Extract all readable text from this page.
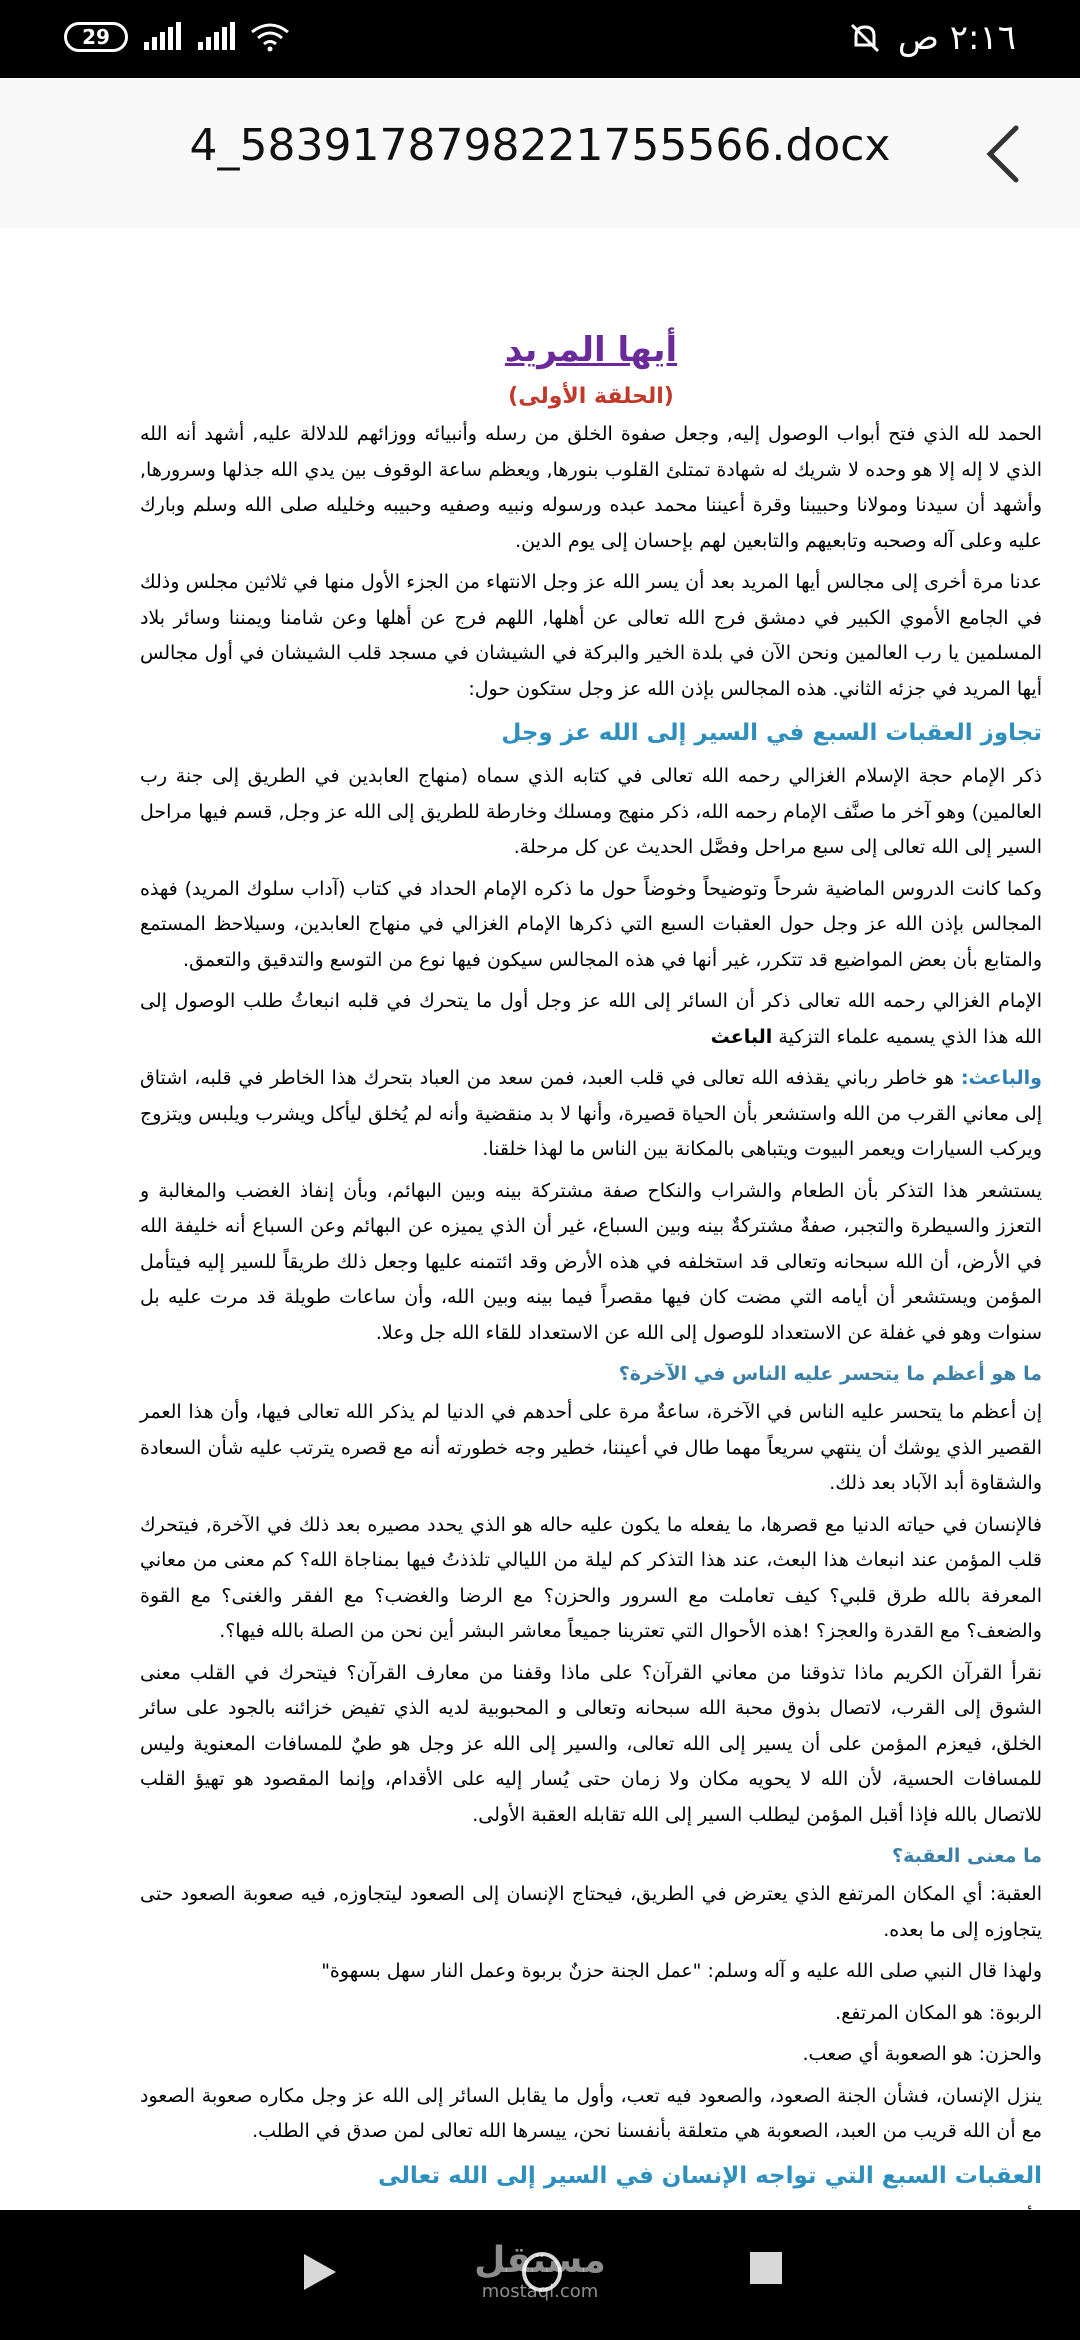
29	٢:١٦ ص
4_5839178798221755566.docx
أيها المريد
(الحلقة الأولى)
الحمد لله الذي فتح أبواب الوصول إليه, وجعل صفوة الخلق من رسله وأنبيائه ووزائهم للدلالة عليه, أشهد أنه الله الذي لا إله إلا هو وحده لا شريك له شهادة تمتلئ القلوب بنورها, ويعظم ساعة الوقوف بين يدي الله جذلها وسرورها, وأشهد أن سيدنا ومولانا وحبيبنا وقرة أعيننا محمد عبده ورسوله ونبيه وصفيه وحبيبه وخليله صلى الله وسلم وبارك عليه وعلى آله وصحبه وتابعيهم والتابعين لهم بإحسان إلى يوم الدين.
عدنا مرة أخرى إلى مجالس أيها المريد بعد أن يسر الله عز وجل الانتهاء من الجزء الأول منها في ثلاثين مجلس وذلك في الجامع الأموي الكبير في دمشق فرج الله تعالى عن أهلها, اللهم فرج عن أهلها وعن شامنا ويمننا وسائر بلاد المسلمين يا رب العالمين ونحن الآن في بلدة الخير والبركة في الشيشان في مسجد قلب الشيشان في أول مجالس أيها المريد في جزئه الثاني. هذه المجالس بإذن الله عز وجل ستكون حول:
تجاوز العقبات السبع في السير إلى الله عز وجل
ذكر الإمام حجة الإسلام الغزالي رحمه الله تعالى في كتابه الذي سماه (منهاج العابدين في الطريق إلى جنة رب العالمين) وهو آخر ما صنَّف الإمام رحمه الله، ذكر منهج ومسلك وخارطة للطريق إلى الله عز وجل, قسم فيها مراحل السير إلى الله تعالى إلى سبع مراحل وفصَّل الحديث عن كل مرحلة.
وكما كانت الدروس الماضية شرحاً وتوضيحاً وخوضاً حول ما ذكره الإمام الحداد في كتاب (آداب سلوك المريد) فهذه المجالس بإذن الله عز وجل حول العقبات السبع التي ذكرها الإمام الغزالي في منهاج العابدين، وسيلاحظ المستمع والمتابع بأن بعض المواضيع قد تتكرر، غير أنها في هذه المجالس سيكون فيها نوع من التوسع والتدقيق والتعمق.
الإمام الغزالي رحمه الله تعالى ذكر أن السائر إلى الله عز وجل أول ما يتحرك في قلبه انبعاثُ طلب الوصول إلى الله هذا الذي يسميه علماء التزكية الباعث
والباعث: هو خاطر رباني يقذفه الله تعالى في قلب العبد، فمن سعد من العباد بتحرك هذا الخاطر في قلبه، اشتاق إلى معاني القرب من الله واستشعر بأن الحياة قصيرة، وأنها لا بد منقضية وأنه لم يُخلق ليأكل ويشرب ويلبس ويتزوج ويركب السيارات ويعمر البيوت ويتباهى بالمكانة بين الناس ما لهذا خلقنا.
يستشعر هذا التذكر بأن الطعام والشراب والنكاح صفة مشتركة بينه وبين البهائم، وبأن إنفاذ الغضب والمغالبة و التعزز والسيطرة والتجبر، صفةٌ مشتركةٌ بينه وبين السباع، غير أن الذي يميزه عن البهائم وعن السباع أنه خليفة الله في الأرض، أن الله سبحانه وتعالى قد استخلفه في هذه الأرض وقد ائتمنه عليها وجعل ذلك طريقاً للسير إليه فيتأمل المؤمن ويستشعر أن أيامه التي مضت كان فيها مقصراً فيما بينه وبين الله، وأن ساعات طويلة قد مرت عليه بل سنوات وهو في غفلة عن الاستعداد للوصول إلى الله عن الاستعداد للقاء الله جل وعلا.
ما هو أعظم ما يتحسر عليه الناس في الآخرة؟
إن أعظم ما يتحسر عليه الناس في الآخرة، ساعةٌ مرة على أحدهم في الدنيا لم يذكر الله تعالى فيها، وأن هذا العمر القصير الذي يوشك أن ينتهي سريعاً مهما طال في أعيننا، خطير وجه خطورته أنه مع قصره يترتب عليه شأن السعادة والشقاوة أبد الآباد بعد ذلك.
فالإنسان في حياته الدنيا مع قصرها، ما يفعله ما يكون عليه حاله هو الذي يحدد مصيره بعد ذلك في الآخرة, فيتحرك قلب المؤمن عند انبعاث هذا البعث، عند هذا التذكر كم ليلة من الليالي تلذذتُ فيها بمناجاة الله؟ كم معنى من معاني المعرفة بالله طرق قلبي؟ كيف تعاملت مع السرور والحزن؟ مع الرضا والغضب؟ مع الفقر والغنى؟ مع القوة والضعف؟ مع القدرة والعجز؟ !هذه الأحوال التي تعترينا جميعاً معاشر البشر أين نحن من الصلة بالله فيها؟.
نقرأ القرآن الكريم ماذا تذوقنا من معاني القرآن؟ على ماذا وقفنا من معارف القرآن؟ فيتحرك في القلب معنى الشوق إلى القرب، لاتصال بذوق محبة الله سبحانه وتعالى و المحبوبية لديه الذي تفيض خزائنه بالجود على سائر الخلق، فيعزم المؤمن على أن يسير إلى الله تعالى، والسير إلى الله عز وجل هو طيٌ للمسافات المعنوية وليس للمسافات الحسية، لأن الله لا يحويه مكان ولا زمان حتى يُسار إليه على الأقدام، وإنما المقصود هو تهيؤ القلب للاتصال بالله فإذا أقبل المؤمن ليطلب السير إلى الله تقابله العقبة الأولى.
ما معنى العقبة؟
العقبة: أي المكان المرتفع الذي يعترض في الطريق، فيحتاج الإنسان إلى الصعود ليتجاوزه, فيه صعوبة الصعود حتى يتجاوزه إلى ما بعده.
ولهذا قال النبي صلى الله عليه و آله وسلم: "عمل الجنة حزنٌ بربوة وعمل النار سهل بسهوة"
الربوة: هو المكان المرتفع.
والحزن: هو الصعوبة أي صعب.
ينزل الإنسان، فشأن الجنة الصعود، والصعود فيه تعب، وأول ما يقابل السائر إلى الله عز وجل مكاره صعوبة الصعود مع أن الله قريب من العبد، الصعوبة هي متعلقة بأنفسنا نحن، ييسرها الله تعالى لمن صدق في الطلب.
العقبات السبع التي تواجه الإنسان في السير إلى الله تعالى
مستقل
mostaql.com
